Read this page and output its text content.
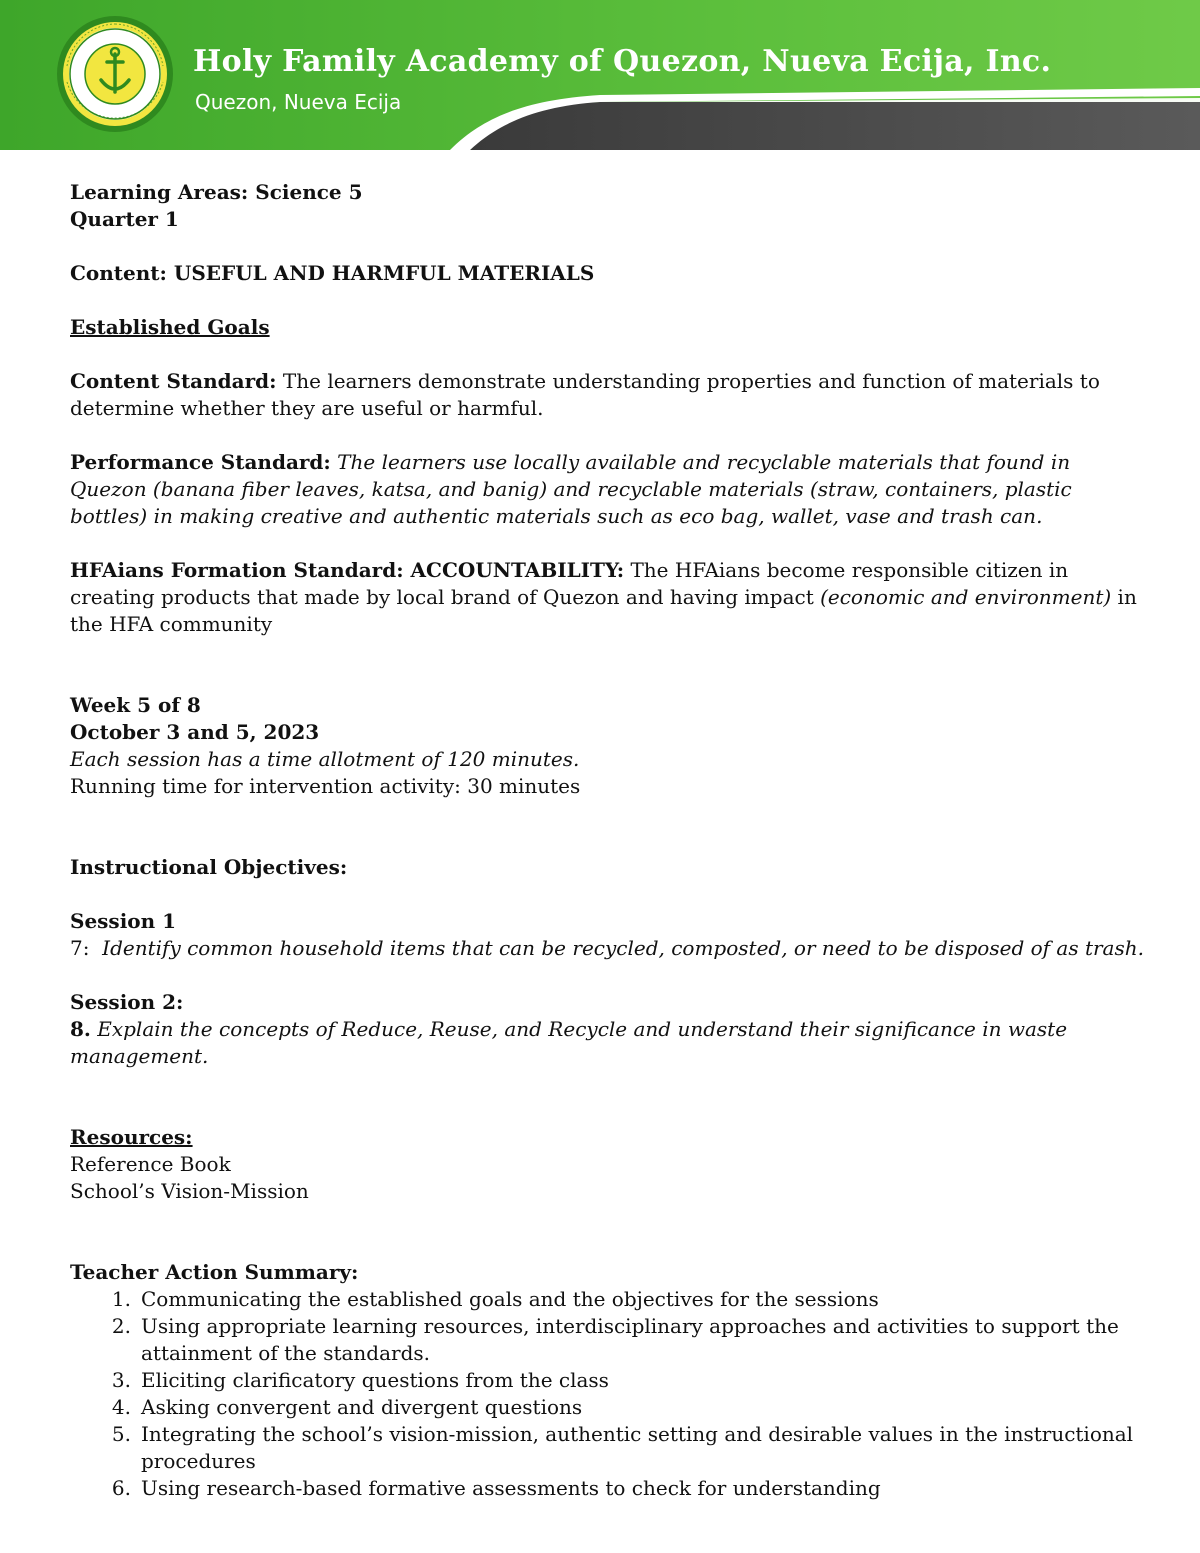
Holy Family Academy of Quezon, Nueva Ecija, Inc.
Quezon, Nueva Ecija

Learning Areas: Science 5

Quarter 1

Content: USEFUL AND HARMFUL MATERIALS

Established Goals

Content Standard: The learners demonstrate understanding properties and function of materials to determine whether they are useful or harmful.

Performance Standard: The learners use locally available and recyclable materials that found in Quezon (banana fiber leaves, katsa, and banig) and recyclable materials (straw, containers, plastic bottles) in making creative and authentic materials such as eco bag, wallet, vase and trash can.

HFAians Formation Standard: ACCOUNTABILITY: The HFAians become responsible citizen in creating products that made by local brand of Quezon and having impact (economic and environment) in the HFA community

Week 5 of 8

October 3 and 5, 2023

Each session has a time allotment of 120 minutes.

Running time for intervention activity: 30 minutes

Instructional Objectives:

Session 1

7:  Identify common household items that can be recycled, composted, or need to be disposed of as trash.

Session 2:

8. Explain the concepts of Reduce, Reuse, and Recycle and understand their significance in waste management.

Resources:

Reference Book

School’s Vision-Mission

Teacher Action Summary:

1. Communicating the established goals and the objectives for the sessions
2. Using appropriate learning resources, interdisciplinary approaches and activities to support the attainment of the standards.
3. Eliciting clarificatory questions from the class
4. Asking convergent and divergent questions
5. Integrating the school’s vision-mission, authentic setting and desirable values in the instructional procedures
6. Using research-based formative assessments to check for understanding
